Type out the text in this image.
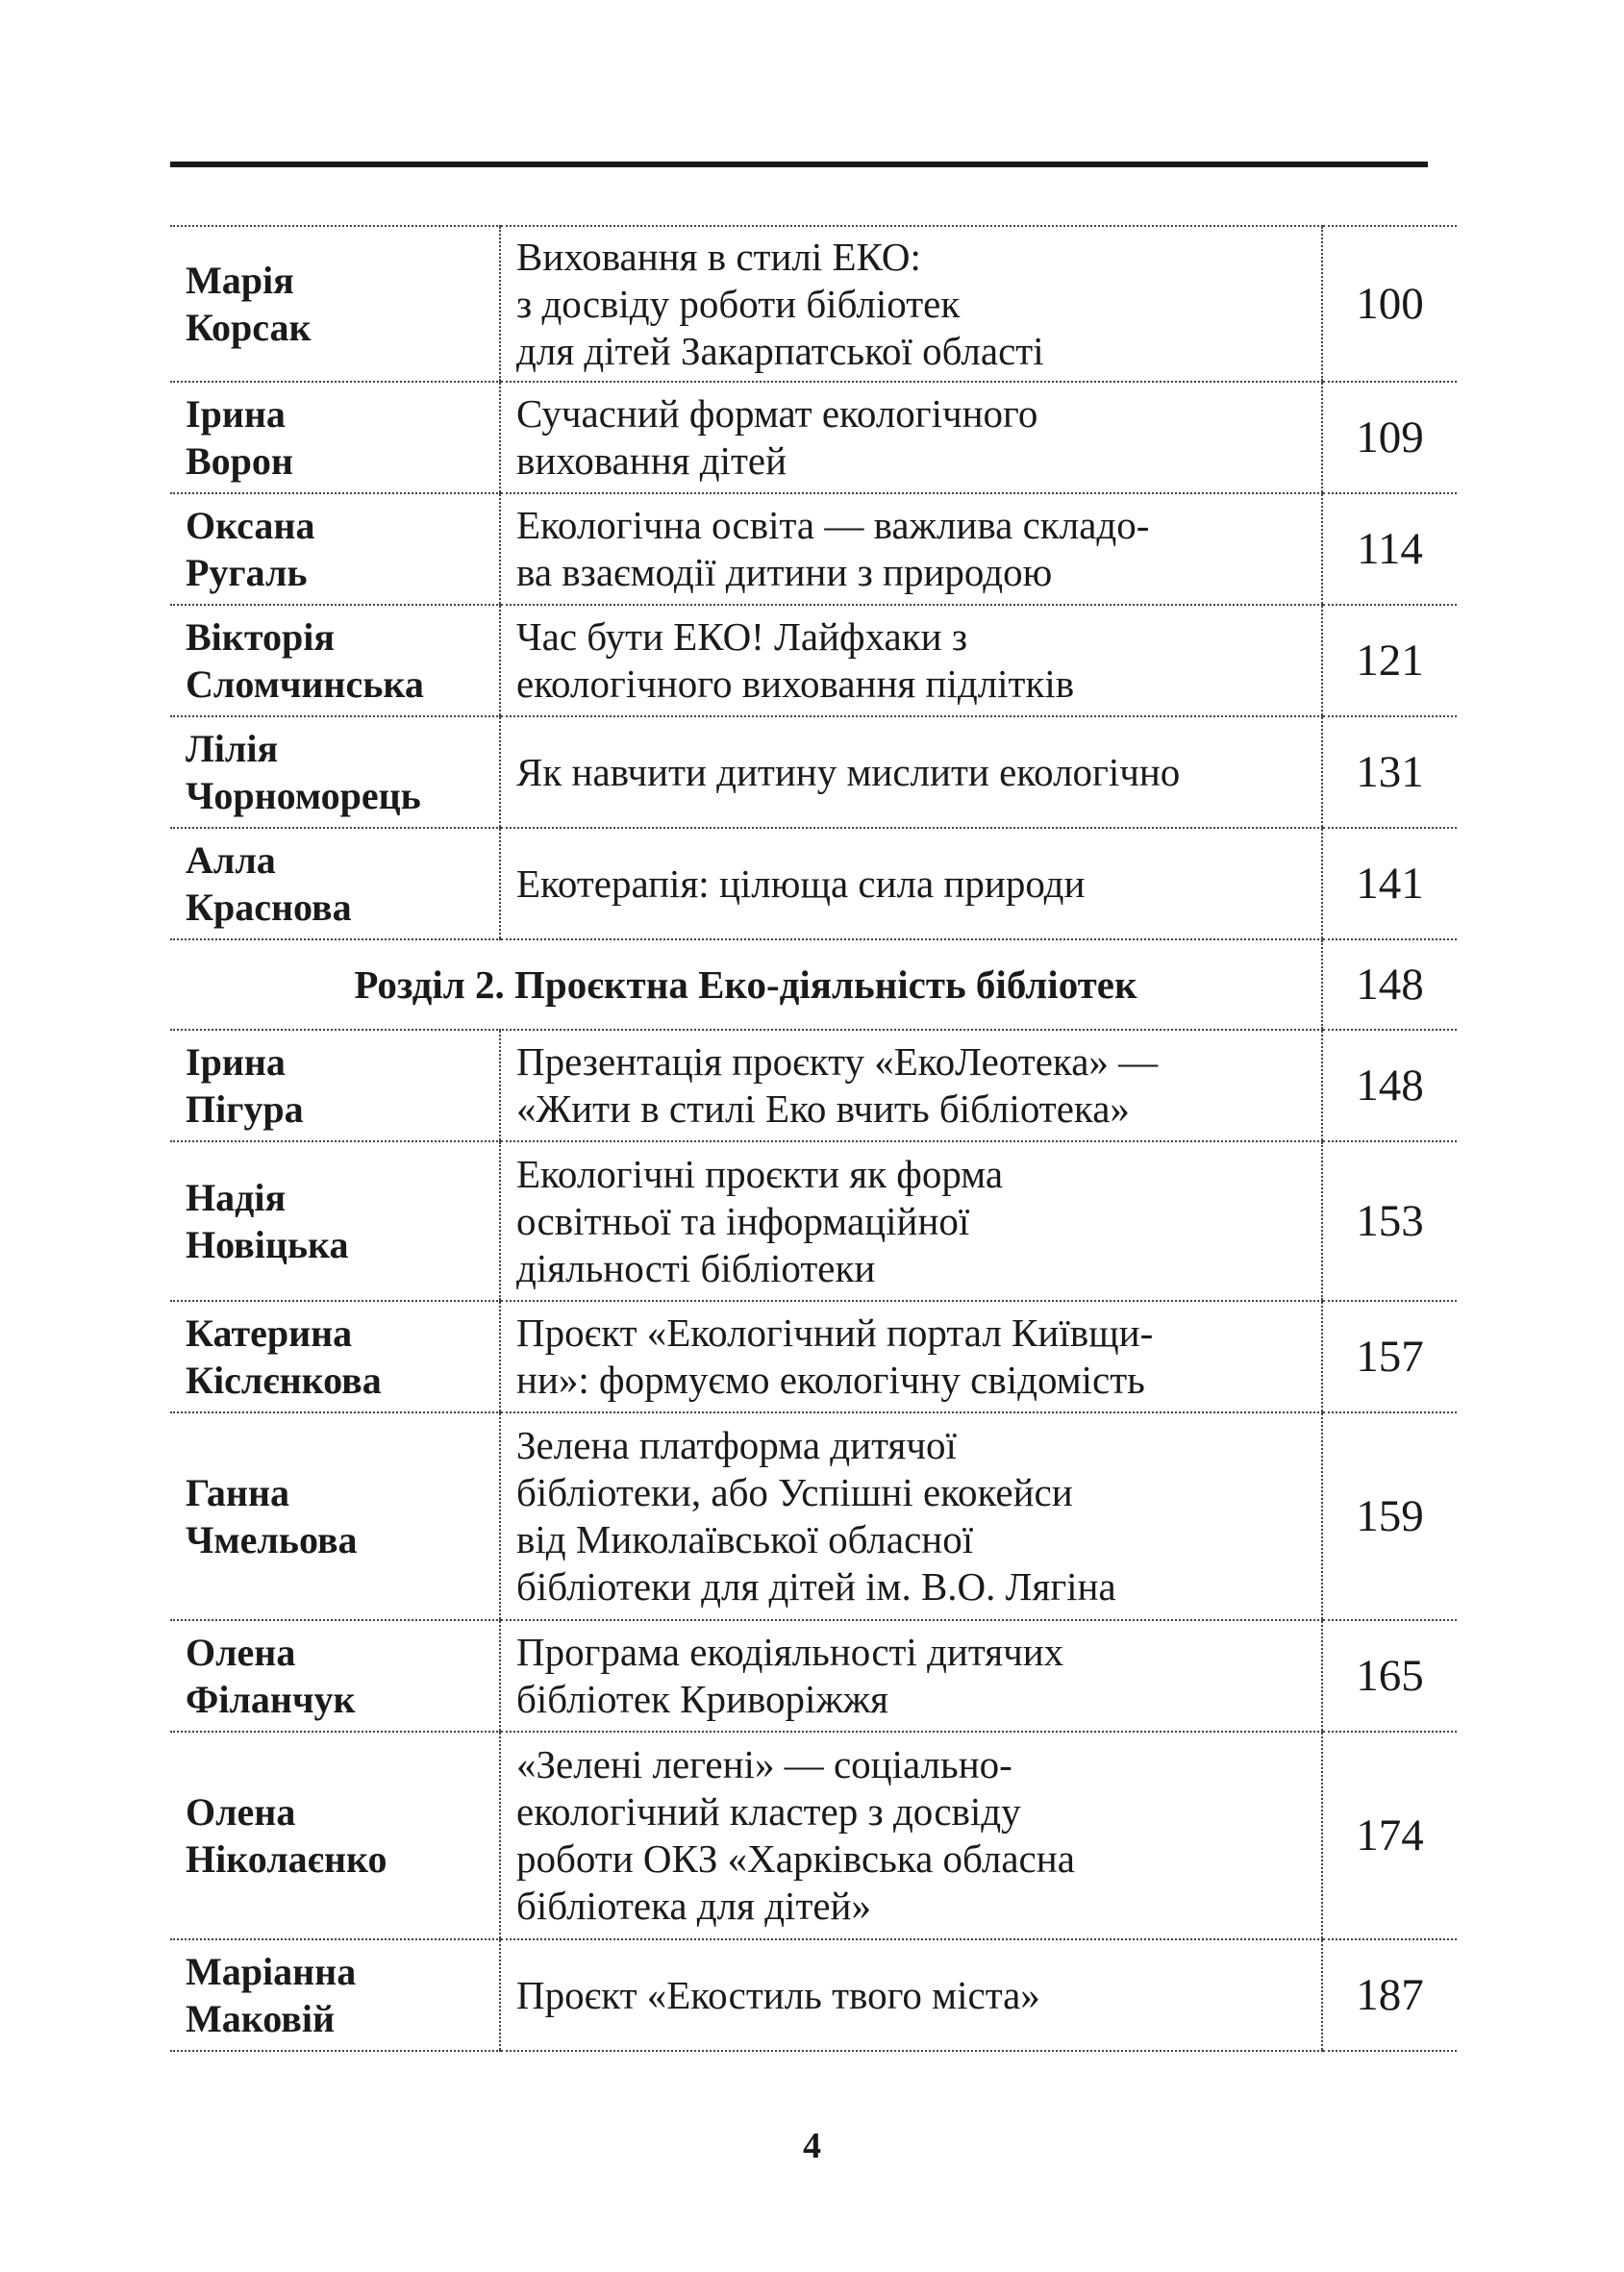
Марія
Корсак	Виховання в стилі ЕКО:
з досвіду роботи бібліотек
для дітей Закарпатської області	100

Ірина
Ворон	Сучасний формат екологічного
виховання дітей	109

Оксана
Ругаль	Екологічна освіта — важлива складо-
ва взаємодії дитини з природою	114

Вікторія
Сломчинська	Час бути ЕКО! Лайфхаки з
екологічного виховання підлітків	121

Лілія
Чорноморець	Як навчити дитину мислити екологічно	131

Алла
Краснова	Екотерапія: цілюща сила природи	141
Розділ 2. Проєктна Еко-діяльність бібліотек		148

Ірина
Пігура	Презентація проєкту «ЕкоЛеотека» —
«Жити в стилі Еко вчить бібліотека»	148

Надія
Новіцька	Екологічні проєкти як форма
освітньої та інформаційної
діяльності бібліотеки	153

Катерина
Кіслєнкова	Проєкт «Екологічний портал Київщи-
ни»: формуємо екологічну свідомість	157

Ганна
Чмельова	Зелена платформа дитячої
бібліотеки, або Успішні екокейси
від Миколаївської обласної
бібліотеки для дітей ім. В.О. Лягіна	159

Олена
Філанчук	Програма екодіяльності дитячих
бібліотек Криворіжжя	165

Олена
Ніколаєнко	«Зелені легені» — соціально-
екологічний кластер з досвіду
роботи ОКЗ «Харківська обласна
бібліотека для дітей»	174

Маріанна
Маковій	Проєкт «Екостиль твого міста»	187
4
